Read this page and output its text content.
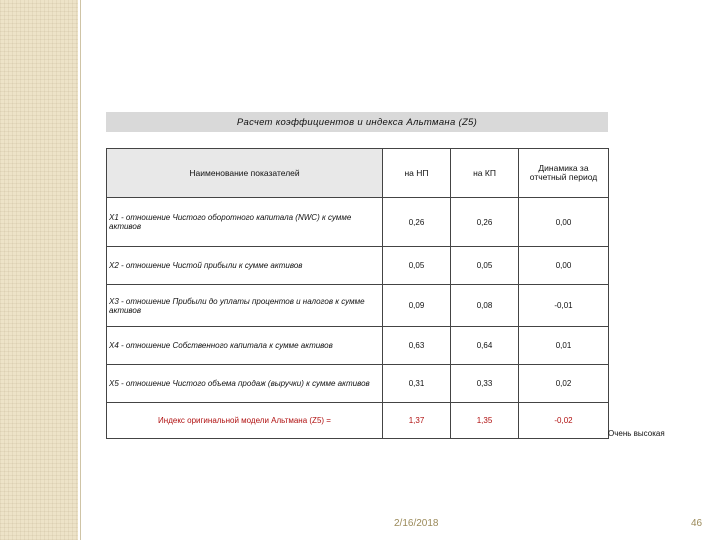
Расчет коэффициентов и индекса Альтмана (Z5)
Наименование показателей	на НП	на КП	Динамика за отчетный период
X1 - отношение Чистого оборотного капитала (NWC) к сумме активов	0,26	0,26	0,00
X2 - отношение Чистой прибыли к сумме активов	0,05	0,05	0,00
X3 - отношение Прибыли до уплаты процентов и налогов к сумме активов	0,09	0,08	-0,01
X4 - отношение Собственного капитала к сумме активов	0,63	0,64	0,01
X5 - отношение Чистого объема продаж (выручки) к сумме активов	0,31	0,33	0,02
Индекс оригинальной модели Альтмана (Z5) =	1,37	1,35	-0,02
Очень высокая
2/16/2018	46
